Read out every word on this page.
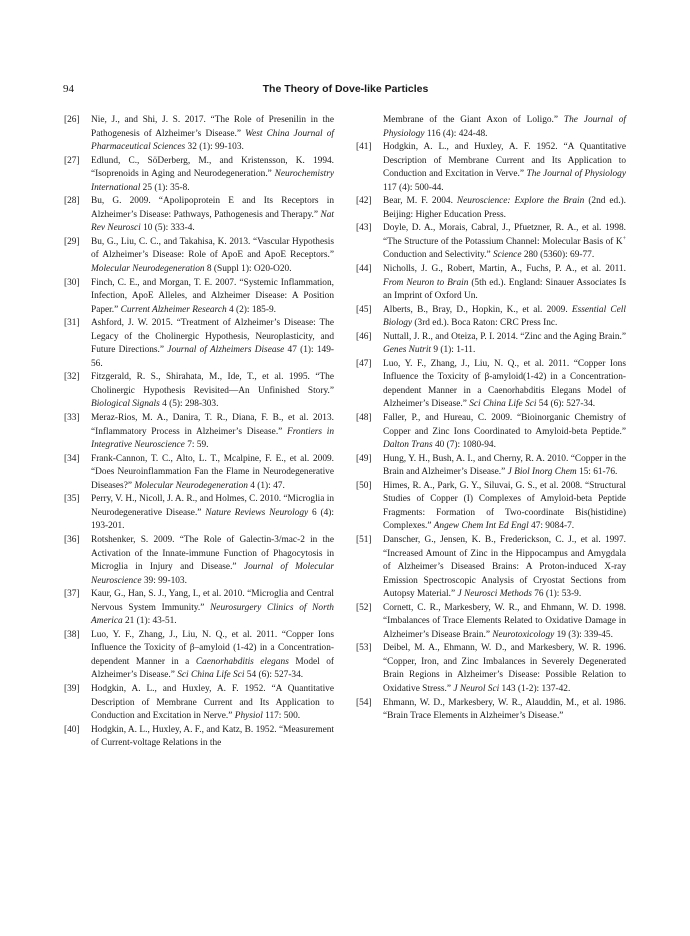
94	The Theory of Dove-like Particles
[26] Nie, J., and Shi, J. S. 2017. “The Role of Presenilin in the Pathogenesis of Alzheimer’s Disease.” West China Journal of Pharmaceutical Sciences 32 (1): 99-103.
[27] Edlund, C., SöDerberg, M., and Kristensson, K. 1994. “Isoprenoids in Aging and Neurodegeneration.” Neurochemistry International 25 (1): 35-8.
[28] Bu, G. 2009. “Apolipoprotein E and Its Receptors in Alzheimer’s Disease: Pathways, Pathogenesis and Therapy.” Nat Rev Neurosci 10 (5): 333-4.
[29] Bu, G., Liu, C. C., and Takahisa, K. 2013. “Vascular Hypothesis of Alzheimer’s Disease: Role of ApoE and ApoE Receptors.”Molecular Neurodegeneration 8 (Suppl 1): O20-O20.
[30] Finch, C. E., and Morgan, T. E. 2007. “Systemic Inflammation, Infection, ApoE Alleles, and Alzheimer Disease: A Position Paper.” Current Alzheimer Research 4 (2): 185-9.
[31] Ashford, J. W. 2015. “Treatment of Alzheimer’s Disease: The Legacy of the Cholinergic Hypothesis, Neuroplasticity, and Future Directions.” Journal of Alzheimers Disease 47 (1): 149-56.
[32] Fitzgerald, R. S., Shirahata, M., Ide, T., et al. 1995. “The Cholinergic Hypothesis Revisited—An Unfinished Story.”Biological Signals 4 (5): 298-303.
[33] Meraz-Rios, M. A., Danira, T. R., Diana, F. B., et al. 2013. “Inflammatory Process in Alzheimer’s Disease.” Frontiers in Integrative Neuroscience 7: 59.
[34] Frank-Cannon, T. C., Alto, L. T., Mcalpine, F. E., et al. 2009. “Does Neuroinflammation Fan the Flame in Neurodegenerative Diseases?” Molecular Neurodegeneration 4 (1): 47.
[35] Perry, V. H., Nicoll, J. A. R., and Holmes, C. 2010. “Microglia in Neurodegenerative Disease.” Nature Reviews Neurology 6 (4): 193-201.
[36] Rotshenker, S. 2009. “The Role of Galectin-3/mac-2 in the Activation of the Innate-immune Function of Phagocytosis in Microglia in Injury and Disease.” Journal of Molecular Neuroscience 39: 99-103.
[37] Kaur, G., Han, S. J., Yang, I., et al. 2010. “Microglia and Central Nervous System Immunity.” Neurosurgery Clinics of North America 21 (1): 43-51.
[38] Luo, Y. F., Zhang, J., Liu, N. Q., et al. 2011. “Copper Ions Influence the Toxicity of β–amyloid (1-42) in a Concentration-dependent Manner in a Caenorhabditis elegans Model of Alzheimer’s Disease.” Sci China Life Sci 54 (6): 527-34.
[39] Hodgkin, A. L., and Huxley, A. F. 1952. “A Quantitative Description of Membrane Current and Its Application to Conduction and Excitation in Nerve.” Physiol 117: 500.
[40] Hodgkin, A. L., Huxley, A. F., and Katz, B. 1952. “Measurement of Current-voltage Relations in the
Membrane of the Giant Axon of Loligo.” The Journal of Physiology 116 (4): 424-48.
[41] Hodgkin, A. L., and Huxley, A. F. 1952. “A Quantitative Description of Membrane Current and Its Application to Conduction and Excitation in Verve.” The Journal of Physiology117 (4): 500-44.
[42] Bear, M. F. 2004. Neuroscience: Explore the Brain (2nd ed.). Beijing: Higher Education Press.
[43] Doyle, D. A., Morais, Cabral, J., Pfuetzner, R. A., et al. 1998. “The Structure of the Potassium Channel: Molecular Basis of K+Conduction and Selectivity.” Science 280 (5360): 69-77.
[44] Nicholls, J. G., Robert, Martin, A., Fuchs, P. A., et al. 2011.From Neuron to Brain (5th ed.). England: Sinauer Associates Is an Imprint of Oxford Un.
[45] Alberts, B., Bray, D., Hopkin, K., et al. 2009. Essential Cell Biology (3rd ed.). Boca Raton: CRC Press Inc.
[46] Nuttall, J. R., and Oteiza, P. I. 2014. “Zinc and the Aging Brain.”Genes Nutrit 9 (1): 1-11.
[47] Luo, Y. F., Zhang, J., Liu, N. Q., et al. 2011. “Copper Ions Influence the Toxicity of β-amyloid(1-42) in a Concentration-dependent Manner in a Caenorhabditis Elegans Model of Alzheimer’s Disease.” Sci China Life Sci 54 (6): 527-34.
[48] Faller, P., and Hureau, C. 2009. “Bioinorganic Chemistry of Copper and Zinc Ions Coordinated to Amyloid-beta Peptide.”Dalton Trans 40 (7): 1080-94.
[49] Hung, Y. H., Bush, A. I., and Cherny, R. A. 2010. “Copper in the Brain and Alzheimer’s Disease.” J Biol Inorg Chem 15: 61-76.
[50] Himes, R. A., Park, G. Y., Siluvai, G. S., et al. 2008. “Structural Studies of Copper (I) Complexes of Amyloid-beta Peptide Fragments: Formation of Two-coordinate Bis(histidine) Complexes.” Angew Chem Int Ed Engl 47: 9084-7.
[51] Danscher, G., Jensen, K. B., Frederickson, C. J., et al. 1997. “Increased Amount of Zinc in the Hippocampus and Amygdala of Alzheimer’s Diseased Brains: A Proton-induced X-ray Emission Spectroscopic Analysis of Cryostat Sections from Autopsy Material.” J Neurosci Methods 76 (1): 53-9.
[52] Cornett, C. R., Markesbery, W. R., and Ehmann, W. D. 1998. “Imbalances of Trace Elements Related to Oxidative Damage in Alzheimer’s Disease Brain.” Neurotoxicology 19 (3): 339-45.
[53] Deibel, M. A., Ehmann, W. D., and Markesbery, W. R. 1996. “Copper, Iron, and Zinc Imbalances in Severely Degenerated Brain Regions in Alzheimer’s Disease: Possible Relation to Oxidative Stress.” J Neurol Sci 143 (1-2): 137-42.
[54] Ehmann, W. D., Markesbery, W. R., Alauddin, M., et al. 1986. “Brain Trace Elements in Alzheimer’s Disease.”
